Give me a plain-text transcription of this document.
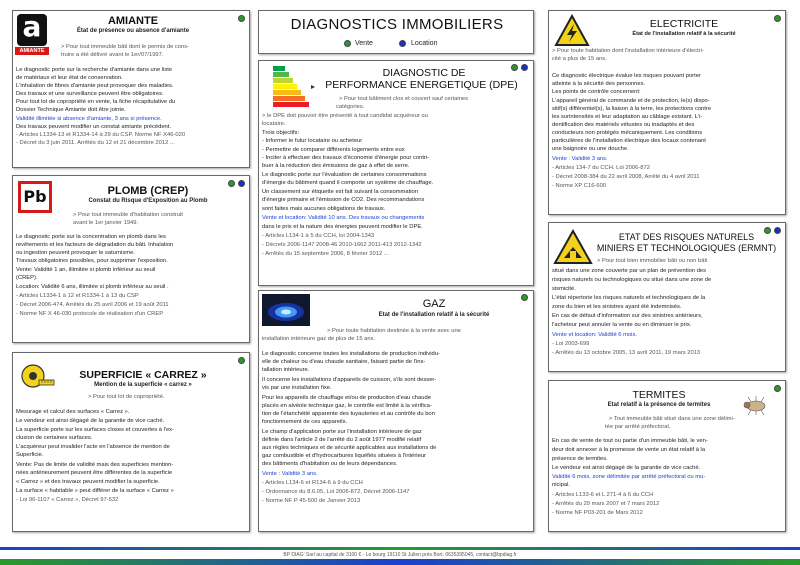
a
AMIANTE
AMIANTE
État de présence ou absence d'amiante
> Pour tout immeuble bâti dont le permis de cons-
truire a été délivré avant le 1er/07/1997.
Le diagnostic porte sur la recherche d'amiante dans une liste
de matériaux et leur état de conservation.
L'inhalation de fibres d'amiante peut provoquer des maladies.
Des travaux et une surveillance peuvent être obligatoires.
Pour tout lot de copropriété en vente, la fiche récapitulative du
Dossier Technique Amiante doit être jointe.
Validité illimitée si absence d'amiante, 3 ans si présence.
Des travaux peuvent modifier un constat amiante précédent.
- Articles L1334-13 et R1334-14 à 29 du CSP. Norme NF X46-020
- Décret du 3 juin 2011. Arrêtés du 12 et 21 décembre 2012 ...
Pb	PLOMB (CREP)
Constat du Risque d'Exposition au Plomb
> Pour tout immeuble d'habitation construit
avant le 1er janvier 1949.
Le diagnostic porte sur la concentration en plomb dans les
revêtements et les facteurs de dégradation du bâti. Inhalation
ou ingestion peuvent provoquer le saturnisme.
Travaux obligatoires possibles, pour supprimer l'exposition.
Vente: Validité 1 an, illimitée si plomb inférieur au seuil
(CREP).
Location: Validité 6 ans, illimitée si plomb inférieur au seuil .
- Articles L1334-1 à 12 et R1334-1 à 13 du CSP
- Décret 2006-474, Arrêtés du 25 avril 2006 et 19 août 2011
- Norme NF X 46-030 protocole de réalisation d'un CREP
SUPERFICIE « CARREZ »
Mention de la superficie « carrez »
> Pour tout lot de copropriété.
Mesurage et calcul des surfaces « Carrez ».
Le vendeur est ainsi dégagé de la garantie de vice caché.
La superficie porte sur les surfaces closes et couvertes à l'ex-
clusion de certaines surfaces.
L'acquéreur peut invalider l'acte en l'absence de mention de
Superficie.
Vente: Pas de limite de validité mais des superficies mention-
nées antérieurement peuvent être différentes de la superficie
« Carrez » et des travaux peuvent modifier la superficie.
La surface « habitable » peut différer de la surface « Carrez »
- Loi 96-1107 « Carrez », Décret 97-532
DIAGNOSTICS IMMOBILIERS
Vente	Location
DIAGNOSTIC DE
PERFORMANCE ENERGETIQUE (DPE)
> Pour tout bâtiment clos et couvert sauf certaines
catégories.
> le DPE doit pouvoir être présenté à tout candidat acquéreur ou
locataire.
Trois objectifs:
- Informer le futur locataire ou acheteur
- Permettre de comparer différents logements entre eux
- Inciter à effectuer des travaux d'économie d'énergie pour contri-
buer à la réduction des émissions de gaz à effet de serre.
Le diagnostic porte sur l'évaluation de certaines consommations
d'énergie du bâtiment quand il comporte un système de chauffage.
Un classement sur étiquette est fait suivant la consommation
d'énergie primaire et l'émission de CO2. Des recommandations
sont faites mais aucunes obligations de travaux.
Vente et location: Validité 10 ans. Des travaux ou changements
dans le prix et la nature des énergies peuvent modifier le DPE.
- Articles L134-1 à 5 du CCH, loi 2004-1343
- Décrets 2006-1147 2008-46 2010-1662 2011-413 2012-1342
- Arrêtés du 15 septembre 2006, 8 février 2012 ...
GAZ
Etat de l'installation relatif à la sécurité
> Pour toute habitation destinée à la vente avec une
installation intérieure gaz de plus de 15 ans.
Le diagnostic concerne toutes les installations de production individu-
elle de chaleur ou d'eau chaude sanitaire, faisant partie de l'ins-
tallation intérieure.
Il concerne les installations d'appareils de cuisson, s'ils sont desser-
vis par une installation fixe.
Pour les appareils de chauffage et/ou de production d'eau chaude
placés en alvéole technique gaz, le contrôle est limité à la vérifica-
tion de l'étanchéité apparente des tuyauteries et au contrôle du bon
fonctionnement de ces appareils.
Le champ d'application porte sur l'installation intérieure de gaz
définie dans l'article 2 de l'arrêté du 2 août 1977 modifié relatif
aux règles techniques et de sécurité applicables aux installations de
gaz combustible et d'hydrocarbures liquéfiés situées à l'intérieur
des bâtiments d'habitation ou de leurs dépendances.
Vente : Validité 3 ans.
- Articles L134-6 et R134-6 à 9 du CCH
- Ordonnance du 8.6.05, Loi 2006-872, Décret 2006-1147
- Norme NF P 45-500 de Janvier 2013
ELECTRICITE
État de l'installation relatif à la sécurité
> Pour toute habitation dont l'installation intérieure d'électri-
cité a plus de 15 ans.
Ce diagnostic électrique évalue les risques pouvant porter
atteinte à la sécurité des personnes.
Les points de contrôle concernent:
L'appareil général de commande et de protection, le(s) dispo-
sitif(s) différentiel(s), la liaison à la terre, les protections contre
les surintensités et leur adaptation au câblage existant. L'i-
dentification des matériels vétustes ou inadaptés et des
conducteurs non protégés mécaniquement. Les conditions
particulières de l'installation électrique des locaux contenant
une baignoire ou une douche.
Vente : Validité 3 ans.
- Articles 134-7 du CCH. Loi 2006-872
- Décret 2008-384 du 22 avril 2008, Arrêté du 4 avril 2011
- Norme XP C16-600
ETAT DES RISQUES NATURELS
MINIERS ET TECHNOLOGIQUES (ERMNT)
> Pour tout bien immobilier bâti ou non bâti
situé dans une zone couverte par un plan de prévention des
risques naturels ou technologiques ou situé dans une zone de
sismicité.
L'état répertorie les risques naturels et technologiques de la
zone du bien et les sinistres ayant été indemnisés.
En cas de défaut d'information sur des sinistres antérieurs,
l'acheteur peut annuler la vente ou en diminuer le prix.
Vente et location: Validité 6 mois.
- Loi 2003-699
- Arrêtés du 13 octobre 2005, 13 avril 2011, 19 mars 2013
TERMITES
Etat relatif à la présence de termites
> Tout immeuble bâti situé dans une zone délimi-
tée par arrêté préfectoral.
En cas de vente de tout ou partie d'un immeuble bâti, le ven-
deur doit annexer à la promesse de vente un état relatif à la
présence de termites.
Le vendeur est ainsi dégagé de la garantie de vice caché.
Validité 6 mois, zone délimitée par arrêté préfectoral ou mu-
nicipal.
- Articles L133-6 et L 271-4 à 6 du CCH
- Arrêtés du 29 mars 2007 et 7 mars 2012
- Norme NF P03-201 de Mars 2012
BP DIAG' Sarl au capital de 3100 € - Le bourg 19110 St Julien près Bort. 0635395045, contact@bpdiag.fr
